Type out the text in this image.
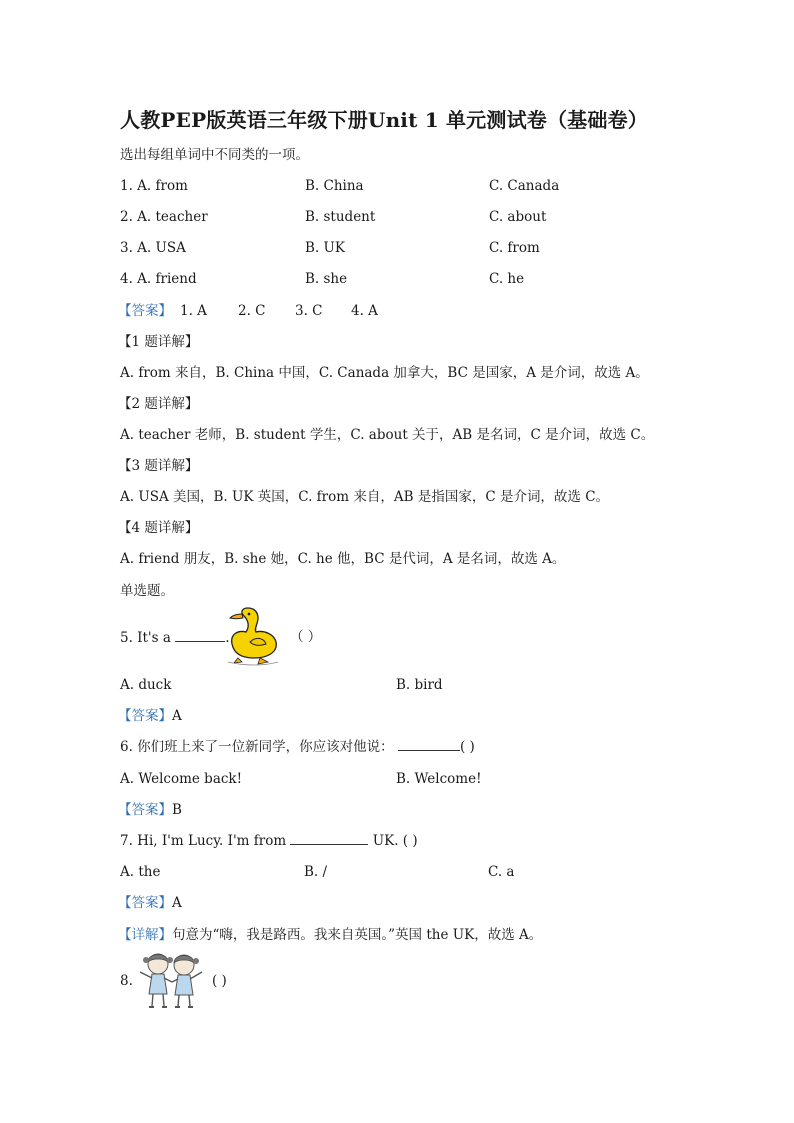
人教PEP版英语三年级下册Unit 1 单元测试卷（基础卷）
选出每组单词中不同类的一项。
1. A. from	B. China	C. Canada
2. A. teacher	B. student	C. about
3. A. USA	B. UK	C. from
4. A. friend	B. she	C. he
【答案】 1. A 2. C 3. C 4. A
【1 题详解】
A. from 来自，B. China 中国，C. Canada 加拿大，BC 是国家，A 是介词，故选 A。
【2 题详解】
A. teacher 老师，B. student 学生，C. about 关于，AB 是名词，C 是介词，故选 C。
【3 题详解】
A. USA 美国，B. UK 英国，C. from 来自，AB 是指国家，C 是介词，故选 C。
【4 题详解】
A. friend 朋友，B. she 她，C. he 他，BC 是代词，A 是名词，故选 A。
单选题。
5. It's a	.	（ ）
A. duck	B. bird
【答案】A
6. 你们班上来了一位新同学，你应该对他说：	( )
A. Welcome back!	B. Welcome!
【答案】B
7. Hi, I'm Lucy. I'm from	UK. ( )
A. the	B. /	C. a
【答案】A
【详解】句意为“嗨，我是路西。我来自英国。”英国 the UK，故选 A。
8.	( )
